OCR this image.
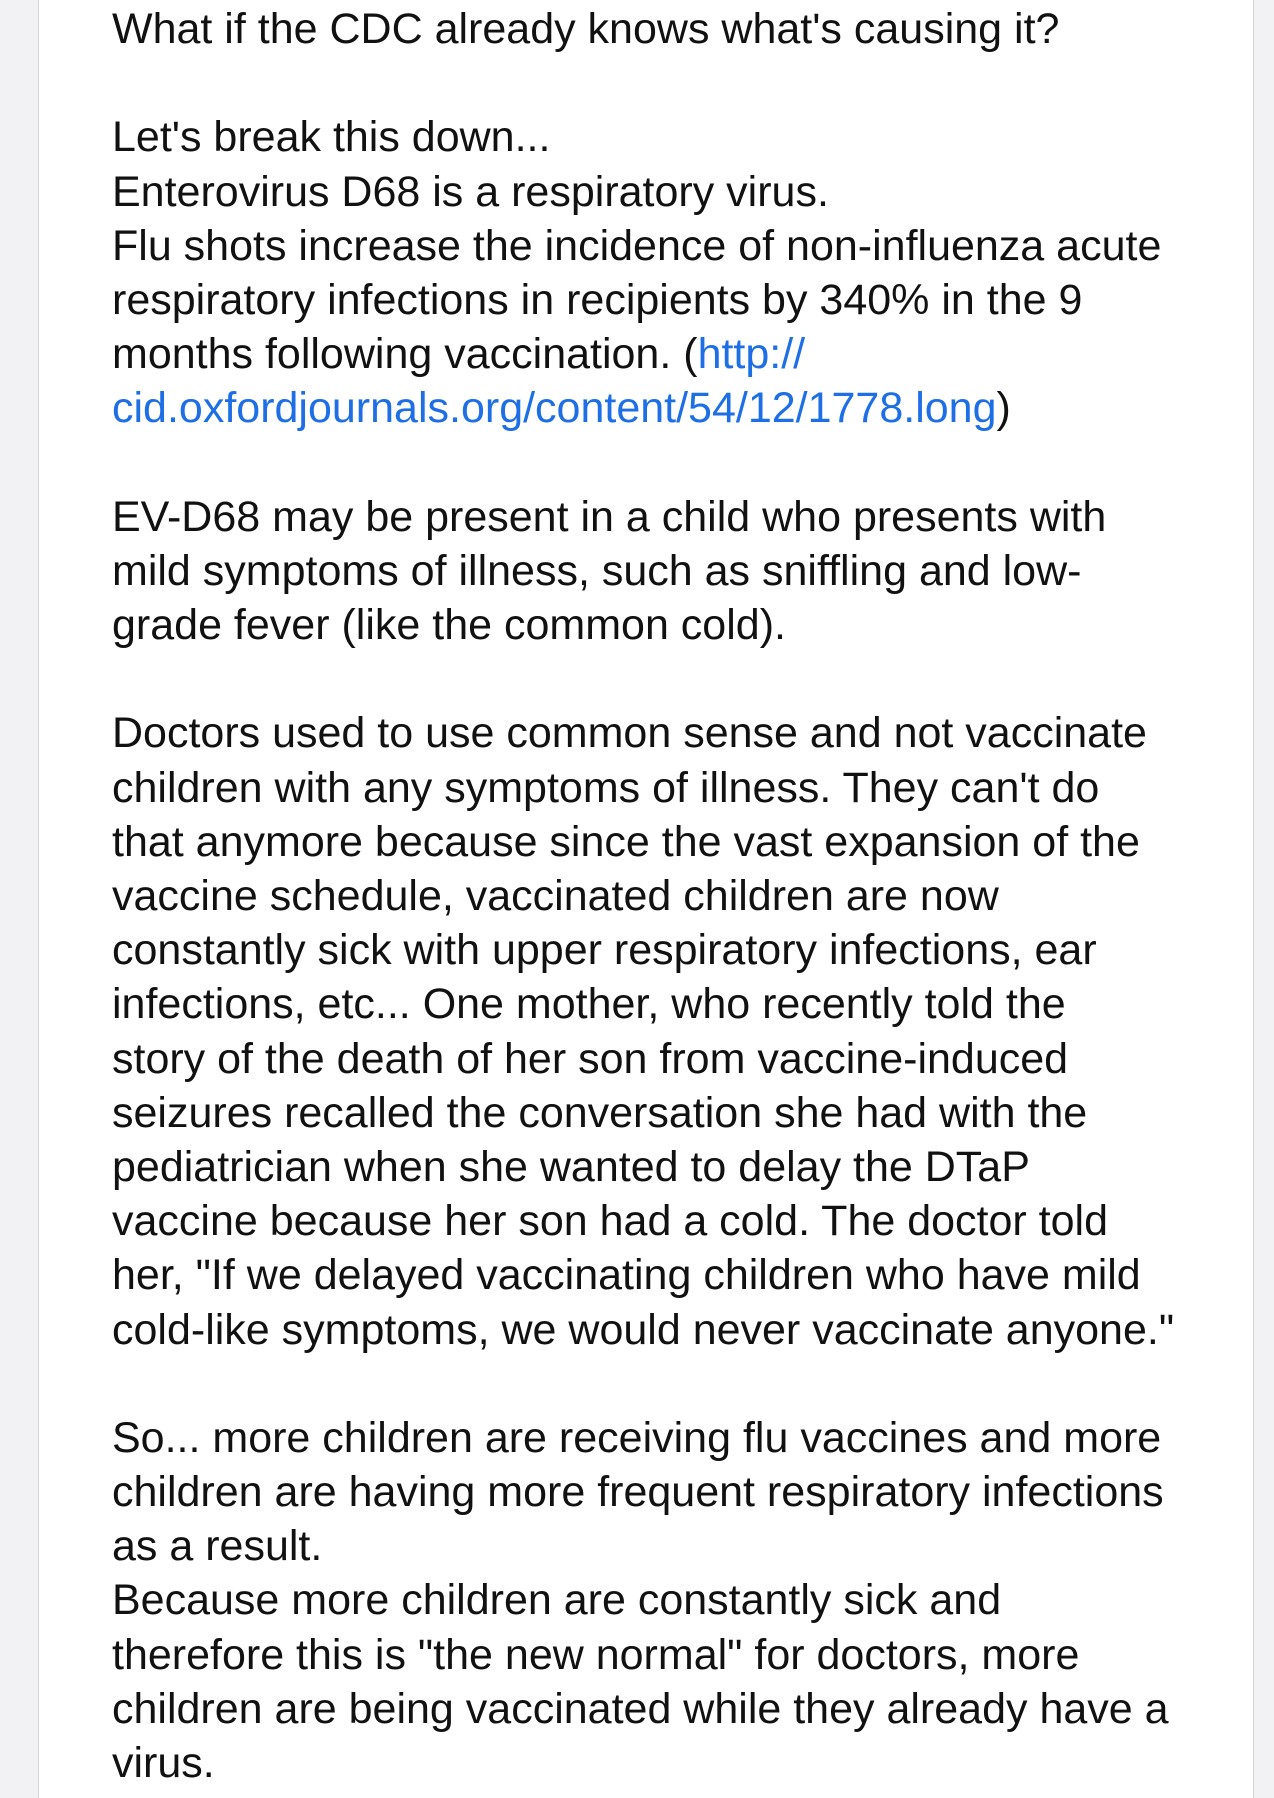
What if the CDC already knows what's causing it?
Let's break this down...
Enterovirus D68 is a respiratory virus.
Flu shots increase the incidence of non-influenza acute
respiratory infections in recipients by 340% in the 9
months following vaccination. (http://
cid.oxfordjournals.org/content/54/12/1778.long)
EV-D68 may be present in a child who presents with
mild symptoms of illness, such as sniffling and low-
grade fever (like the common cold).
Doctors used to use common sense and not vaccinate
children with any symptoms of illness. They can't do
that anymore because since the vast expansion of the
vaccine schedule, vaccinated children are now
constantly sick with upper respiratory infections, ear
infections, etc... One mother, who recently told the
story of the death of her son from vaccine-induced
seizures recalled the conversation she had with the
pediatrician when she wanted to delay the DTaP
vaccine because her son had a cold. The doctor told
her, "If we delayed vaccinating children who have mild
cold-like symptoms, we would never vaccinate anyone."
So... more children are receiving flu vaccines and more
children are having more frequent respiratory infections
as a result.
Because more children are constantly sick and
therefore this is "the new normal" for doctors, more
children are being vaccinated while they already have a
virus.
